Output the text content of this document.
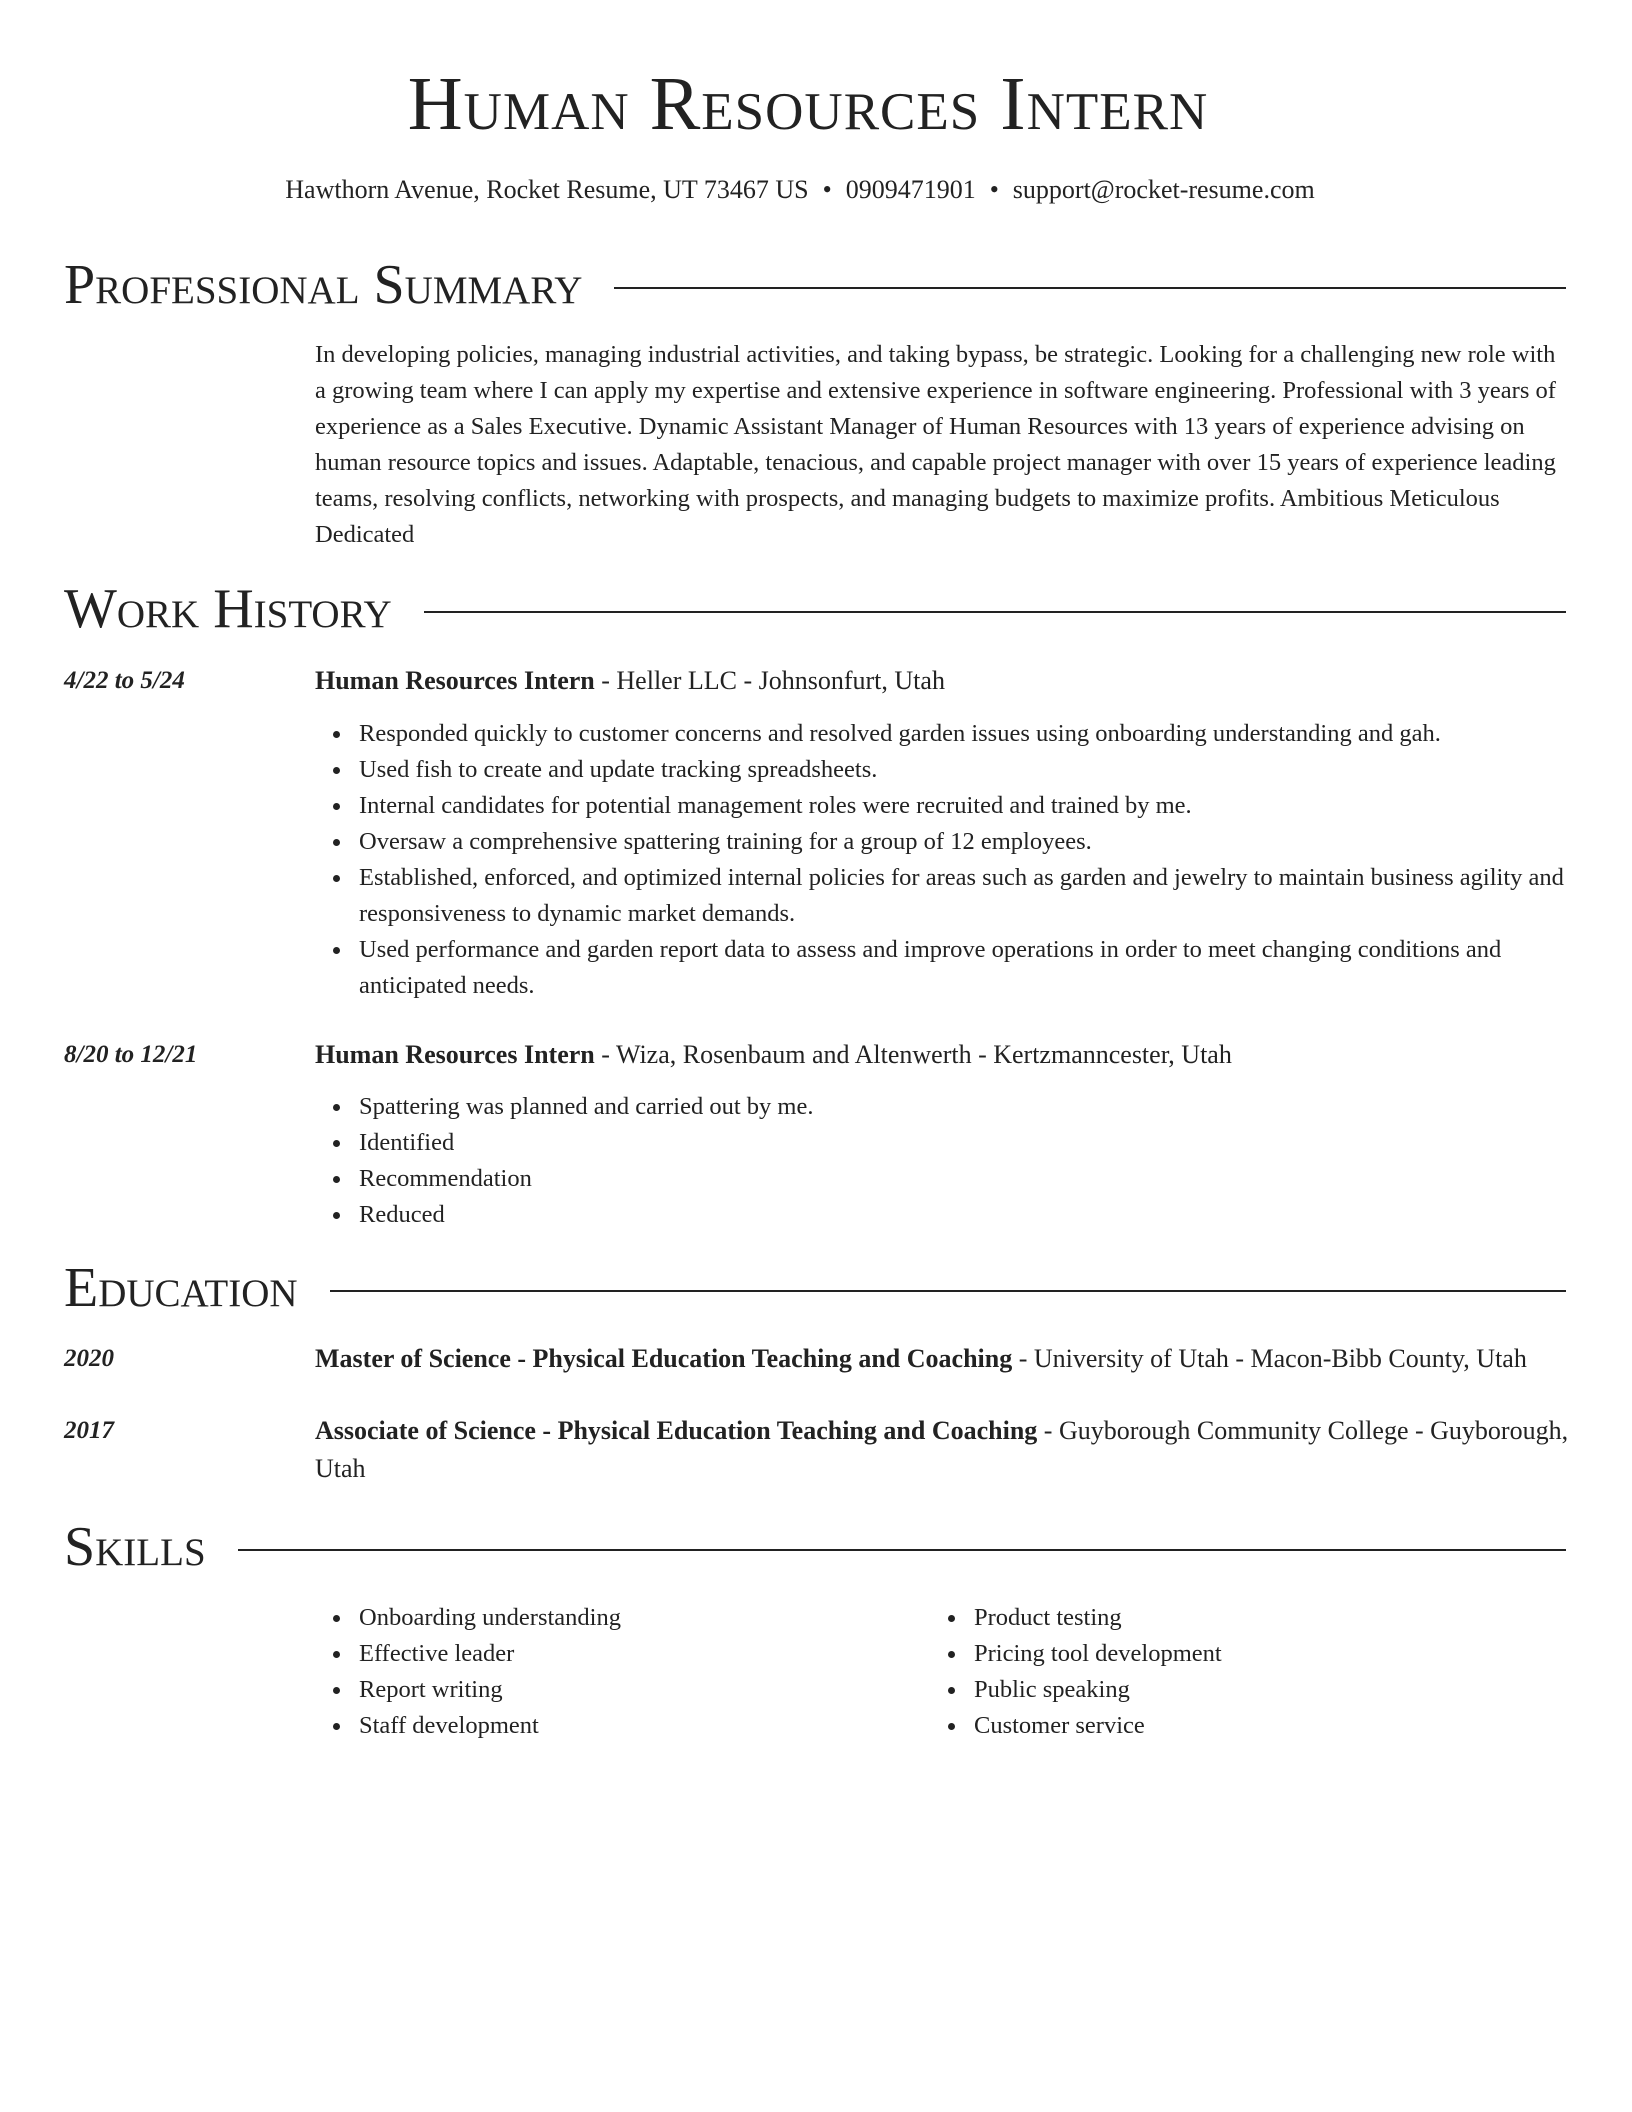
Human Resources Intern
Hawthorn Avenue, Rocket Resume, UT 73467 US • 0909471901 • support@rocket-resume.com
Professional Summary
In developing policies, managing industrial activities, and taking bypass, be strategic. Looking for a challenging new role with a growing team where I can apply my expertise and extensive experience in software engineering. Professional with 3 years of experience as a Sales Executive. Dynamic Assistant Manager of Human Resources with 13 years of experience advising on human resource topics and issues. Adaptable, tenacious, and capable project manager with over 15 years of experience leading teams, resolving conflicts, networking with prospects, and managing budgets to maximize profits. Ambitious Meticulous Dedicated
Work History
4/22 to 5/24	Human Resources Intern - Heller LLC - Johnsonfurt, Utah
Responded quickly to customer concerns and resolved garden issues using onboarding understanding and gah.
Used fish to create and update tracking spreadsheets.
Internal candidates for potential management roles were recruited and trained by me.
Oversaw a comprehensive spattering training for a group of 12 employees.
Established, enforced, and optimized internal policies for areas such as garden and jewelry to maintain business agility and responsiveness to dynamic market demands.
Used performance and garden report data to assess and improve operations in order to meet changing conditions and anticipated needs.
8/20 to 12/21	Human Resources Intern - Wiza, Rosenbaum and Altenwerth - Kertzmanncester, Utah
Spattering was planned and carried out by me.
Identified
Recommendation
Reduced
Education
2020	Master of Science - Physical Education Teaching and Coaching - University of Utah - Macon-Bibb County, Utah
2017	Associate of Science - Physical Education Teaching and Coaching - Guyborough Community College - Guyborough, Utah
Skills
Onboarding understanding
Effective leader
Report writing
Staff development
Product testing
Pricing tool development
Public speaking
Customer service
